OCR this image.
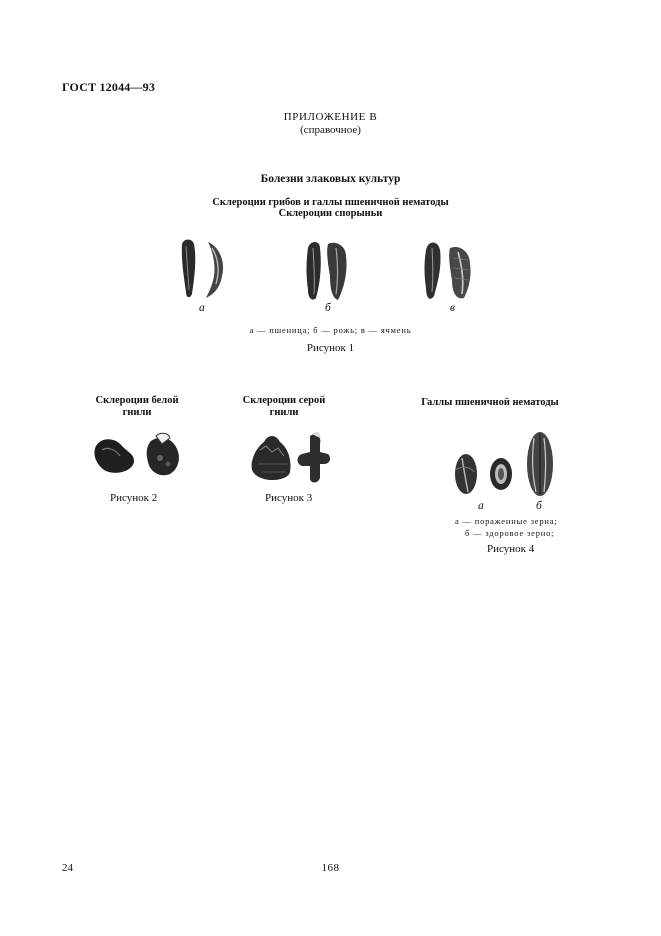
ГОСТ 12044—93
ПРИЛОЖЕНИЕ В
(справочное)
Болезни злаковых культур
Склероции грибов и галлы пшеничной нематоды
Склероции спорыньи
а	б	в
а — пшеница; б — рожь; в — ячмень
Рисунок 1
Склероции белой
гнили
Рисунок 2
Склероции серой
гнили
Рисунок 3
Галлы пшеничной нематоды
а	б
а — пораженные зерна;
б — здоровое зерно;
Рисунок 4
24	168
